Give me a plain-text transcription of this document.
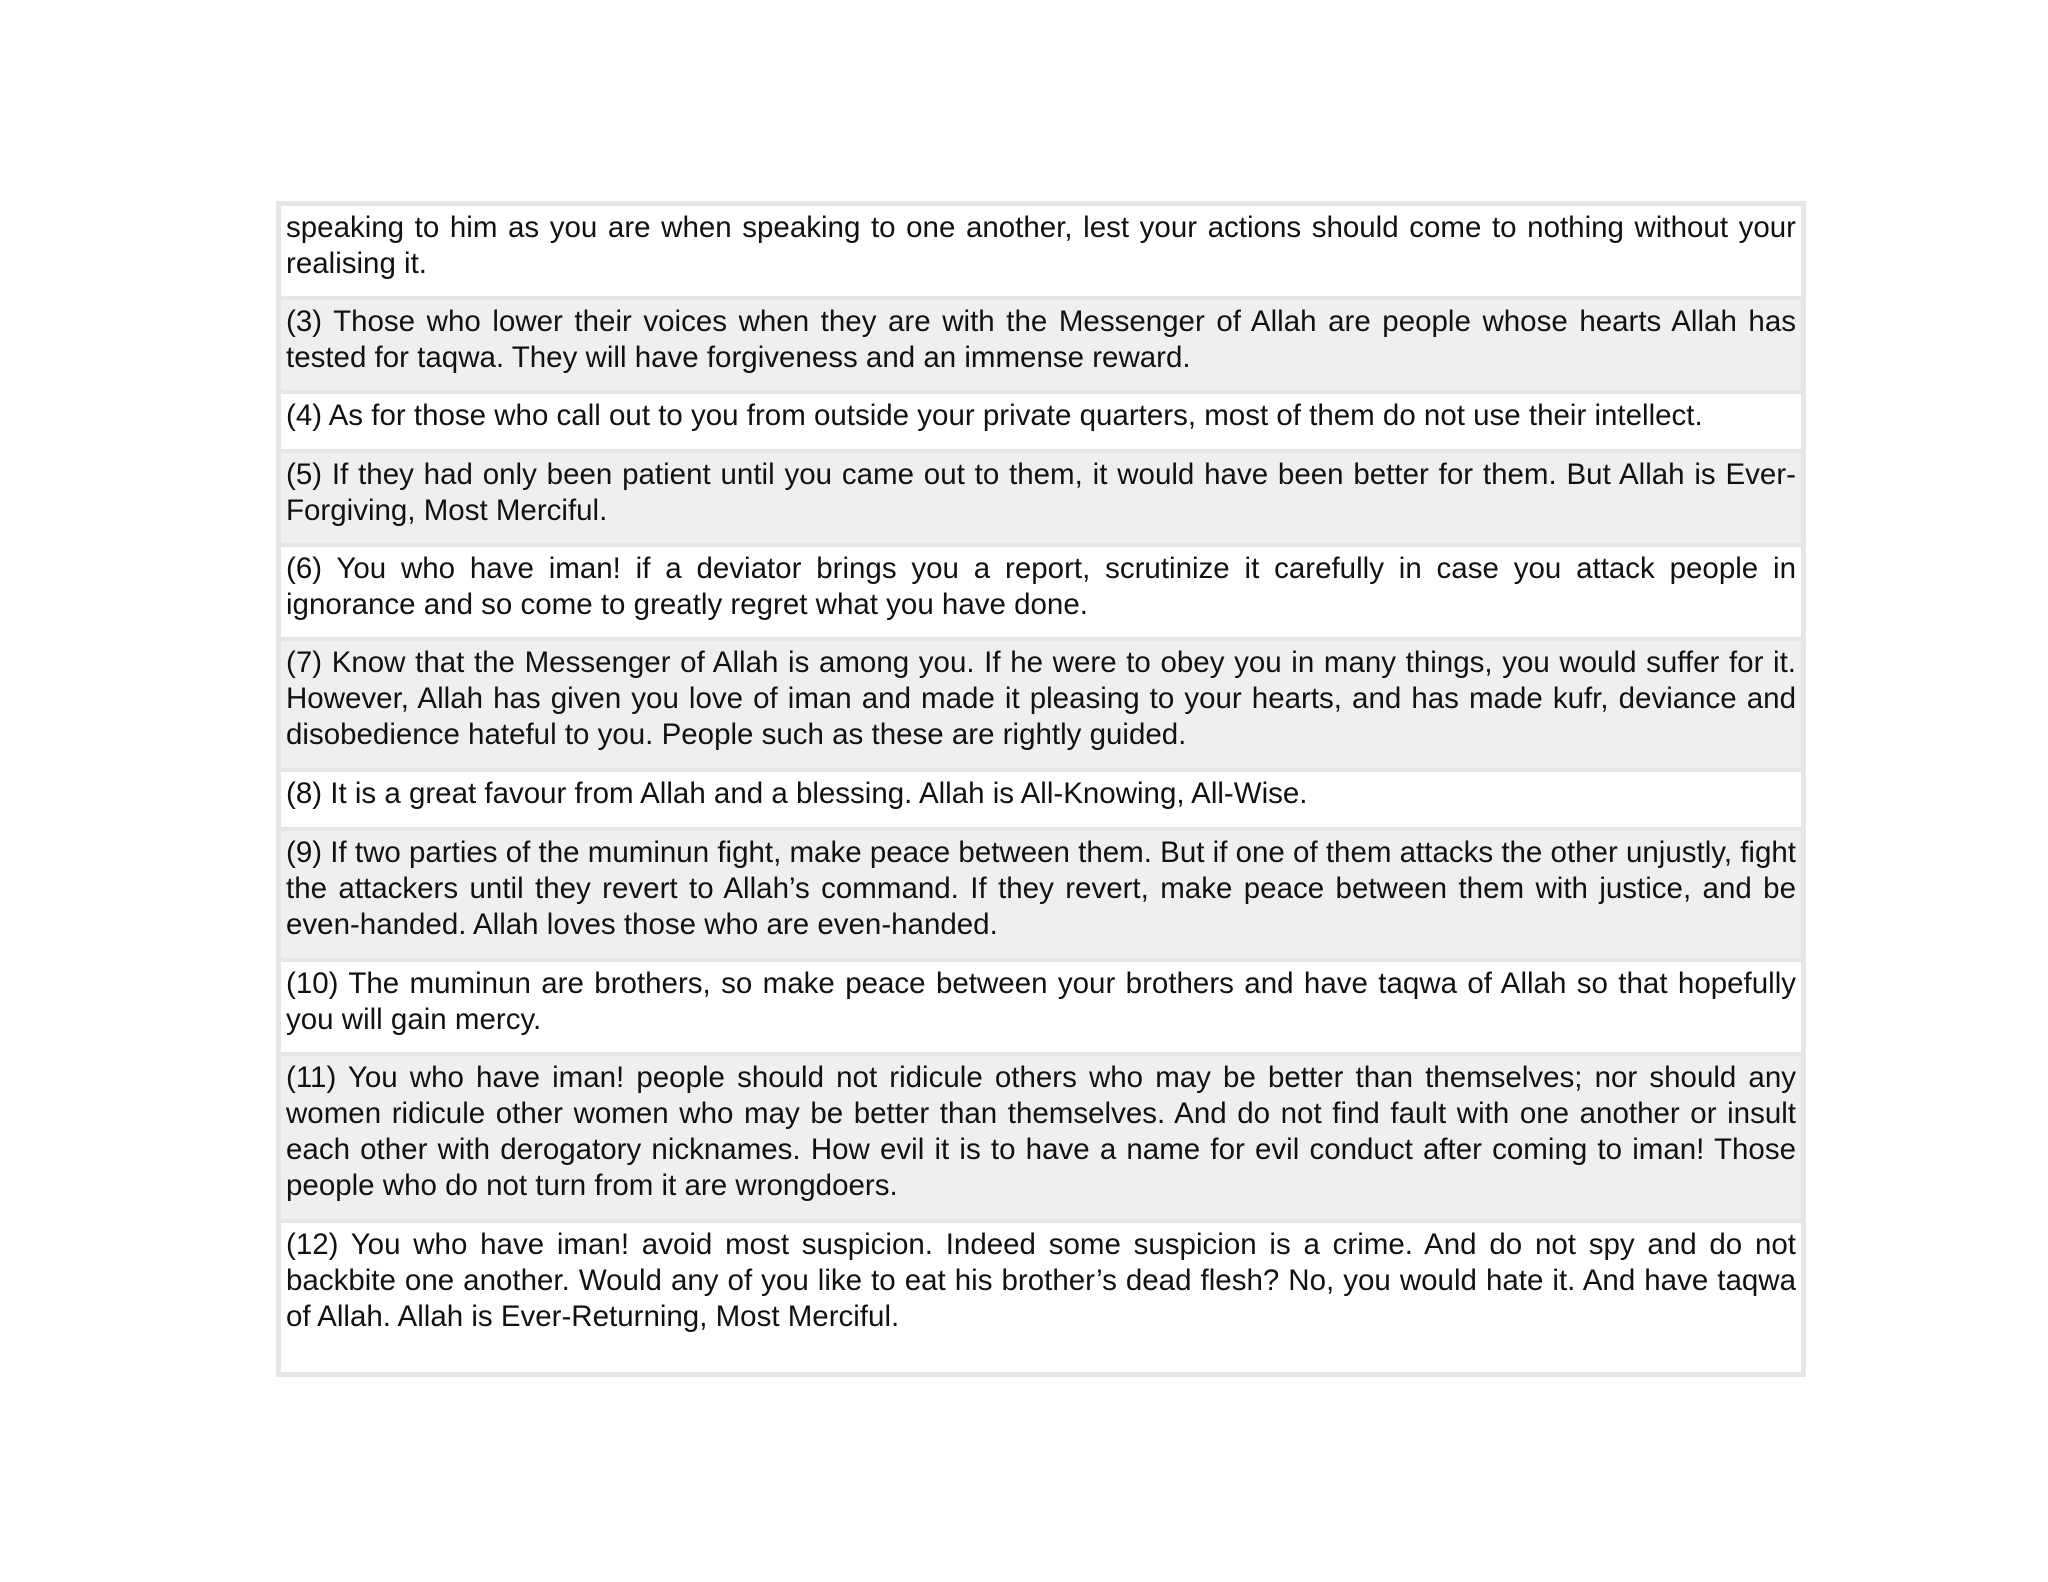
speaking to him as you are when speaking to one another, lest your actions should come to nothing without your realising it.
(3) Those who lower their voices when they are with the Messenger of Allah are people whose hearts Allah has tested for taqwa. They will have forgiveness and an immense reward.
(4) As for those who call out to you from outside your private quarters, most of them do not use their intellect.
(5) If they had only been patient until you came out to them, it would have been better for them. But Allah is Ever-Forgiving, Most Merciful.
(6) You who have iman! if a deviator brings you a report, scrutinize it carefully in case you attack people in ignorance and so come to greatly regret what you have done.
(7) Know that the Messenger of Allah is among you. If he were to obey you in many things, you would suffer for it. However, Allah has given you love of iman and made it pleasing to your hearts, and has made kufr, deviance and disobedience hateful to you. People such as these are rightly guided.
(8) It is a great favour from Allah and a blessing. Allah is All-Knowing, All-Wise.
(9) If two parties of the muminun fight, make peace between them. But if one of them attacks the other unjustly, fight the attackers until they revert to Allah’s command. If they revert, make peace between them with justice, and be even-handed. Allah loves those who are even-handed.
(10) The muminun are brothers, so make peace between your brothers and have taqwa of Allah so that hopefully you will gain mercy.
(11) You who have iman! people should not ridicule others who may be better than themselves; nor should any women ridicule other women who may be better than themselves. And do not find fault with one another or insult each other with derogatory nicknames. How evil it is to have a name for evil conduct after coming to iman! Those people who do not turn from it are wrongdoers.
(12) You who have iman! avoid most suspicion. Indeed some suspicion is a crime. And do not spy and do not backbite one another. Would any of you like to eat his brother’s dead flesh? No, you would hate it. And have taqwa of Allah. Allah is Ever-Returning, Most Merciful.
